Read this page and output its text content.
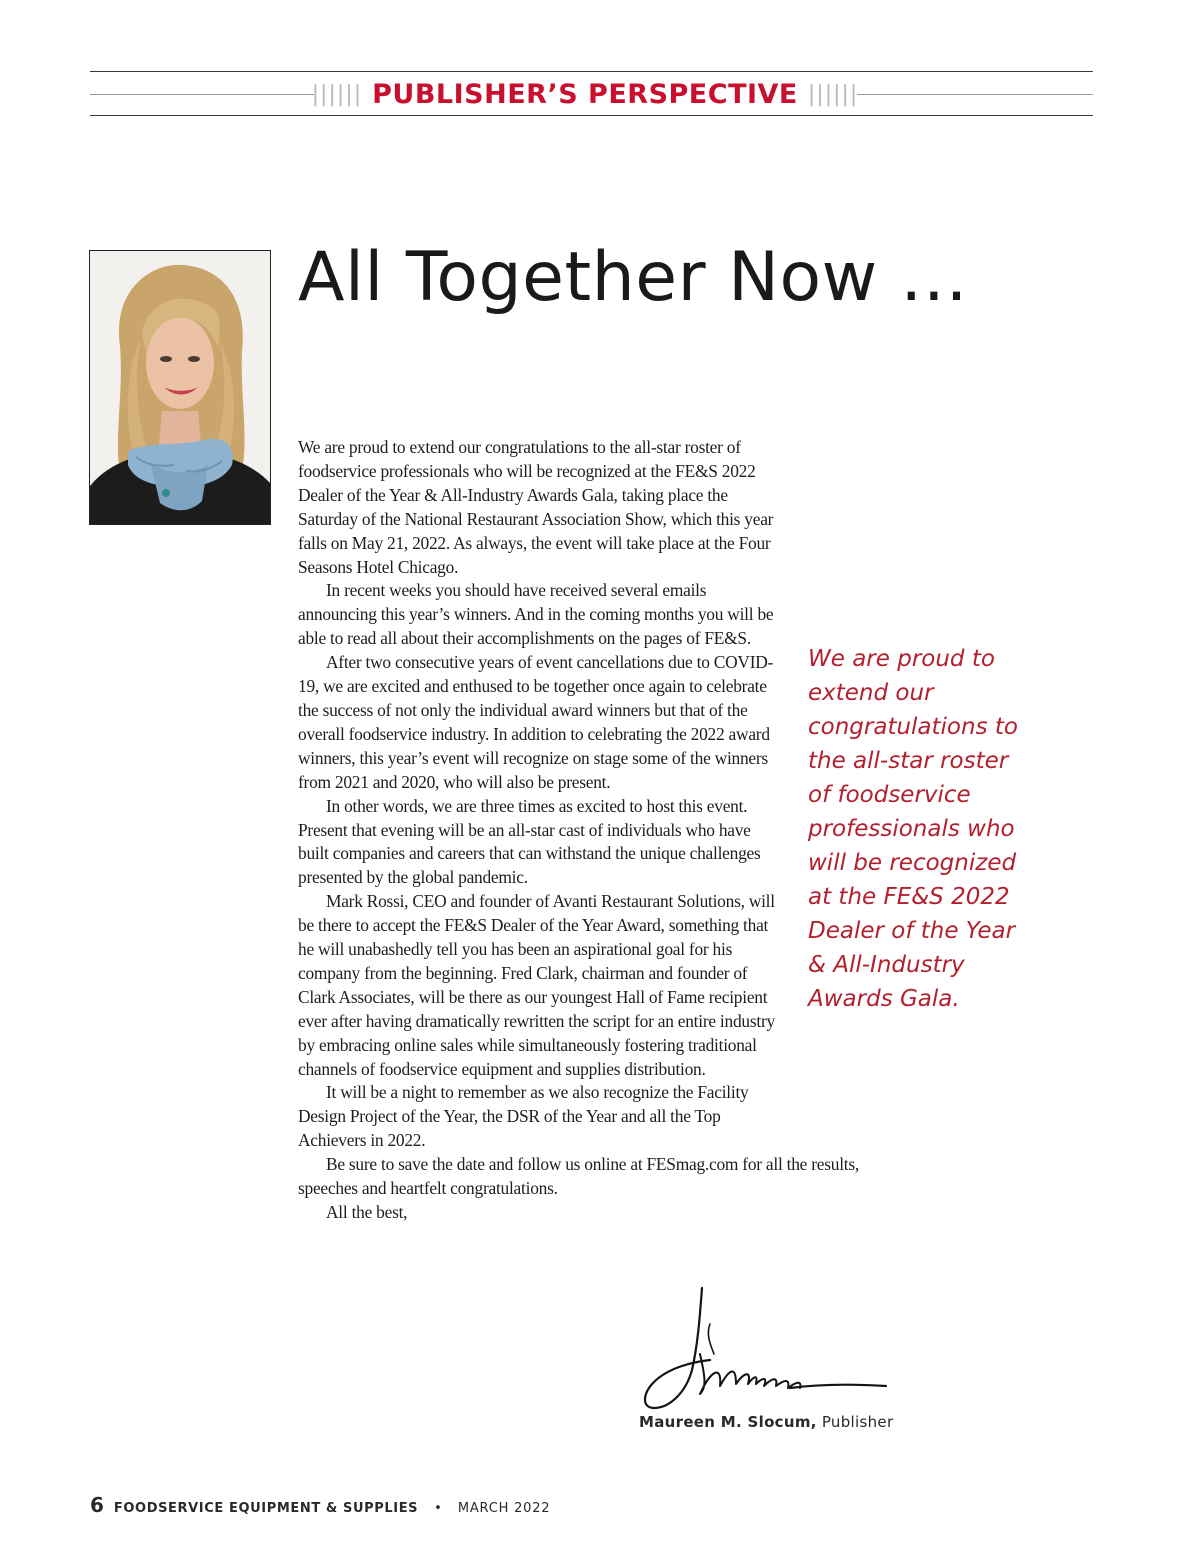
|||||| PUBLISHER’S PERSPECTIVE ||||||
All Together Now …

We are proud to extend our congratulations to the all-star roster of foodservice professionals who will be recognized at the FE&S 2022 Dealer of the Year & All-Industry Awards Gala, taking place the Saturday of the National Restaurant Association Show, which this year falls on May 21, 2022. As always, the event will take place at the Four Seasons Hotel Chicago.

In recent weeks you should have received several emails announcing this year’s winners. And in the coming months you will be able to read all about their accomplishments on the pages of FE&S.

After two consecutive years of event cancellations due to COVID-19, we are excited and enthused to be together once again to celebrate the success of not only the individual award winners but that of the overall foodservice industry. In addition to celebrating the 2022 award winners, this year’s event will recognize on stage some of the winners from 2021 and 2020, who will also be present.

In other words, we are three times as excited to host this event. Present that evening will be an all-star cast of individuals who have built companies and careers that can withstand the unique challenges presented by the global pandemic.

Mark Rossi, CEO and founder of Avanti Restaurant Solutions, will be there to accept the FE&S Dealer of the Year Award, something that he will unabashedly tell you has been an aspirational goal for his company from the beginning. Fred Clark, chairman and founder of Clark Associates, will be there as our youngest Hall of Fame recipient ever after having dramatically rewritten the script for an entire industry by embracing online sales while simultaneously fostering traditional channels of foodservice equipment and supplies distribution.

It will be a night to remember as we also recognize the Facility Design Project of the Year, the DSR of the Year and all the Top Achievers in 2022.

Be sure to save the date and follow us online at FESmag.com for all the results, speeches and heartfelt congratulations.

All the best,

We are proud to extend our congratulations to the all-star roster of foodservice professionals who will be recognized at the FE&S 2022 Dealer of the Year & All-Industry Awards Gala.
Maureen M. Slocum, Publisher
6 FOODSERVICE EQUIPMENT & SUPPLIES	•	MARCH 2022
